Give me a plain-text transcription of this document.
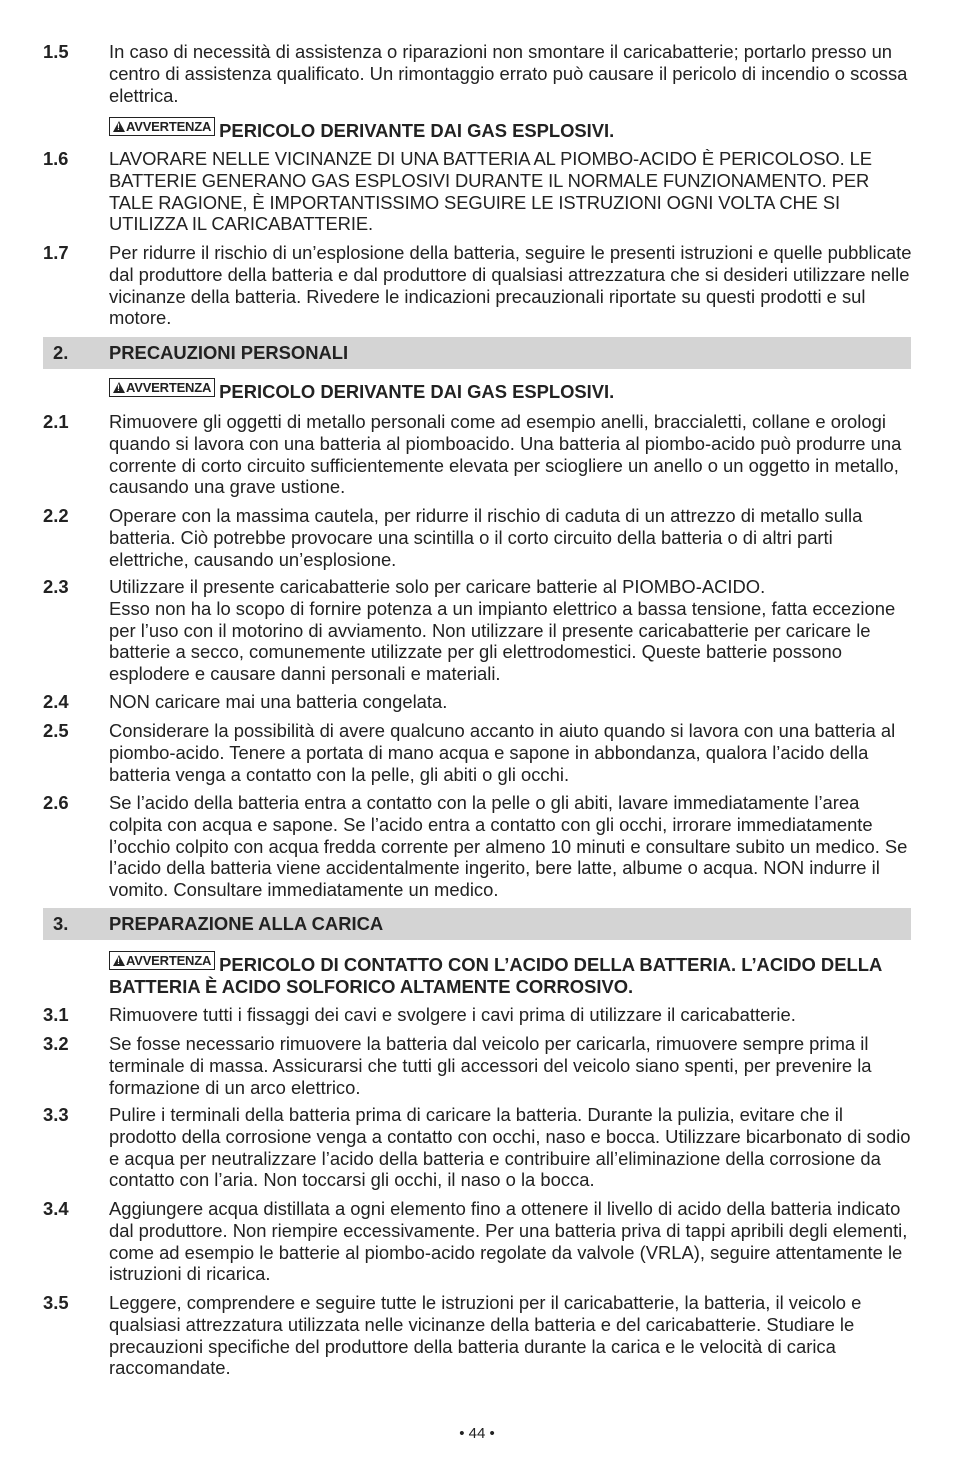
1.5 In caso di necessità di assistenza o riparazioni non smontare il caricabatterie; portarlo presso un centro di assistenza qualificato. Un rimontaggio errato può causare il pericolo di incendio o scossa elettrica.
!AVVERTENZA PERICOLO DERIVANTE DAI GAS ESPLOSIVI.
1.6 LAVORARE NELLE VICINANZE DI UNA BATTERIA AL PIOMBO-ACIDO È PERICOLOSO. LE BATTERIE GENERANO GAS ESPLOSIVI DURANTE IL NORMALE FUNZIONAMENTO. PER TALE RAGIONE, È IMPORTANTISSIMO SEGUIRE LE ISTRUZIONI OGNI VOLTA CHE SI UTILIZZA IL CARICABATTERIE.
1.7 Per ridurre il rischio di un’esplosione della batteria, seguire le presenti istruzioni e quelle pubblicate dal produttore della batteria e dal produttore di qualsiasi attrezzatura che si desideri utilizzare nelle vicinanze della batteria. Rivedere le indicazioni precauzionali riportate su questi prodotti e sul motore.
2. PRECAUZIONI PERSONALI
!AVVERTENZA PERICOLO DERIVANTE DAI GAS ESPLOSIVI.
2.1 Rimuovere gli oggetti di metallo personali come ad esempio anelli, braccialetti, collane e orologi quando si lavora con una batteria al piomboacido. Una batteria al piombo-acido può produrre una corrente di corto circuito sufficientemente elevata per sciogliere un anello o un oggetto in metallo, causando una grave ustione.
2.2 Operare con la massima cautela, per ridurre il rischio di caduta di un attrezzo di metallo sulla batteria. Ciò potrebbe provocare una scintilla o il corto circuito della batteria o di altri parti elettriche, causando un’esplosione.
2.3 Utilizzare il presente caricabatterie solo per caricare batterie al PIOMBO-ACIDO.
Esso non ha lo scopo di fornire potenza a un impianto elettrico a bassa tensione, fatta eccezione per l’uso con il motorino di avviamento. Non utilizzare il presente caricabatterie per caricare le batterie a secco, comunemente utilizzate per gli elettrodomestici. Queste batterie possono esplodere e causare danni personali e materiali.
2.4 NON caricare mai una batteria congelata.
2.5 Considerare la possibilità di avere qualcuno accanto in aiuto quando si lavora con una batteria al piombo-acido. Tenere a portata di mano acqua e sapone in abbondanza, qualora l’acido della batteria venga a contatto con la pelle, gli abiti o gli occhi.
2.6 Se l’acido della batteria entra a contatto con la pelle o gli abiti, lavare immediatamente l’area colpita con acqua e sapone. Se l’acido entra a contatto con gli occhi, irrorare immediatamente l’occhio colpito con acqua fredda corrente per almeno 10 minuti e consultare subito un medico. Se l’acido della batteria viene accidentalmente ingerito, bere latte, albume o acqua. NON indurre il vomito. Consultare immediatamente un medico.
3. PREPARAZIONE ALLA CARICA
!AVVERTENZA PERICOLO DI CONTATTO CON L’ACIDO DELLA BATTERIA. L’ACIDO DELLA BATTERIA È ACIDO SOLFORICO ALTAMENTE CORROSIVO.
3.1 Rimuovere tutti i fissaggi dei cavi e svolgere i cavi prima di utilizzare il caricabatterie.
3.2 Se fosse necessario rimuovere la batteria dal veicolo per caricarla, rimuovere sempre prima il terminale di massa. Assicurarsi che tutti gli accessori del veicolo siano spenti, per prevenire la formazione di un arco elettrico.
3.3 Pulire i terminali della batteria prima di caricare la batteria. Durante la pulizia, evitare che il prodotto della corrosione venga a contatto con occhi, naso e bocca. Utilizzare bicarbonato di sodio e acqua per neutralizzare l’acido della batteria e contribuire all’eliminazione della corrosione da contatto con l’aria. Non toccarsi gli occhi, il naso o la bocca.
3.4 Aggiungere acqua distillata a ogni elemento fino a ottenere il livello di acido della batteria indicato dal produttore. Non riempire eccessivamente. Per una batteria priva di tappi apribili degli elementi, come ad esempio le batterie al piombo-acido regolate da valvole (VRLA), seguire attentamente le istruzioni di ricarica.
3.5 Leggere, comprendere e seguire tutte le istruzioni per il caricabatterie, la batteria, il veicolo e qualsiasi attrezzatura utilizzata nelle vicinanze della batteria e del caricabatterie. Studiare le precauzioni specifiche del produttore della batteria durante la carica e le velocità di carica raccomandate.
• 44 •
